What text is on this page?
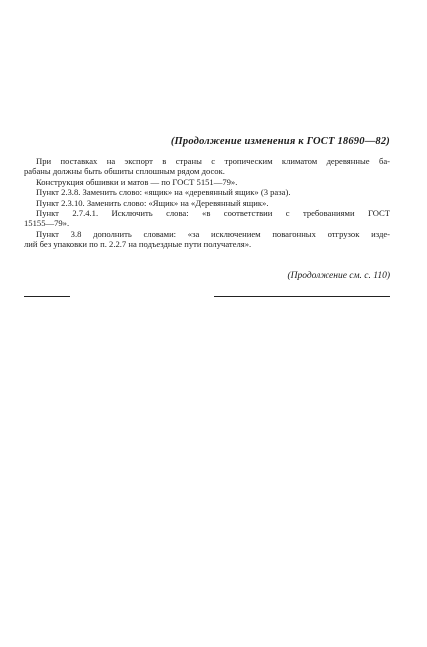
(Продолжение изменения к ГОСТ 18690—82)

При поставках на экспорт в страны с тропическим климатом деревянные ба-

рабаны должны быть обшиты сплошным рядом досок.

Конструкция обшивки и матов — по ГОСТ 5151—79».

Пункт 2.3.8. Заменить слово: «ящик» на «деревянный ящик» (3 раза).

Пункт 2.3.10. Заменить слово: «Ящик» на «Деревянный ящик».

Пункт 2.7.4.1. Исключить слова: «в соответствии с требованиями ГОСТ

15155—79».

Пункт 3.8 дополнить словами: «за исключением повагонных отгрузок изде-

лий без упаковки по п. 2.2.7 на подъездные пути получателя».

(Продолжение см. с. 110)
